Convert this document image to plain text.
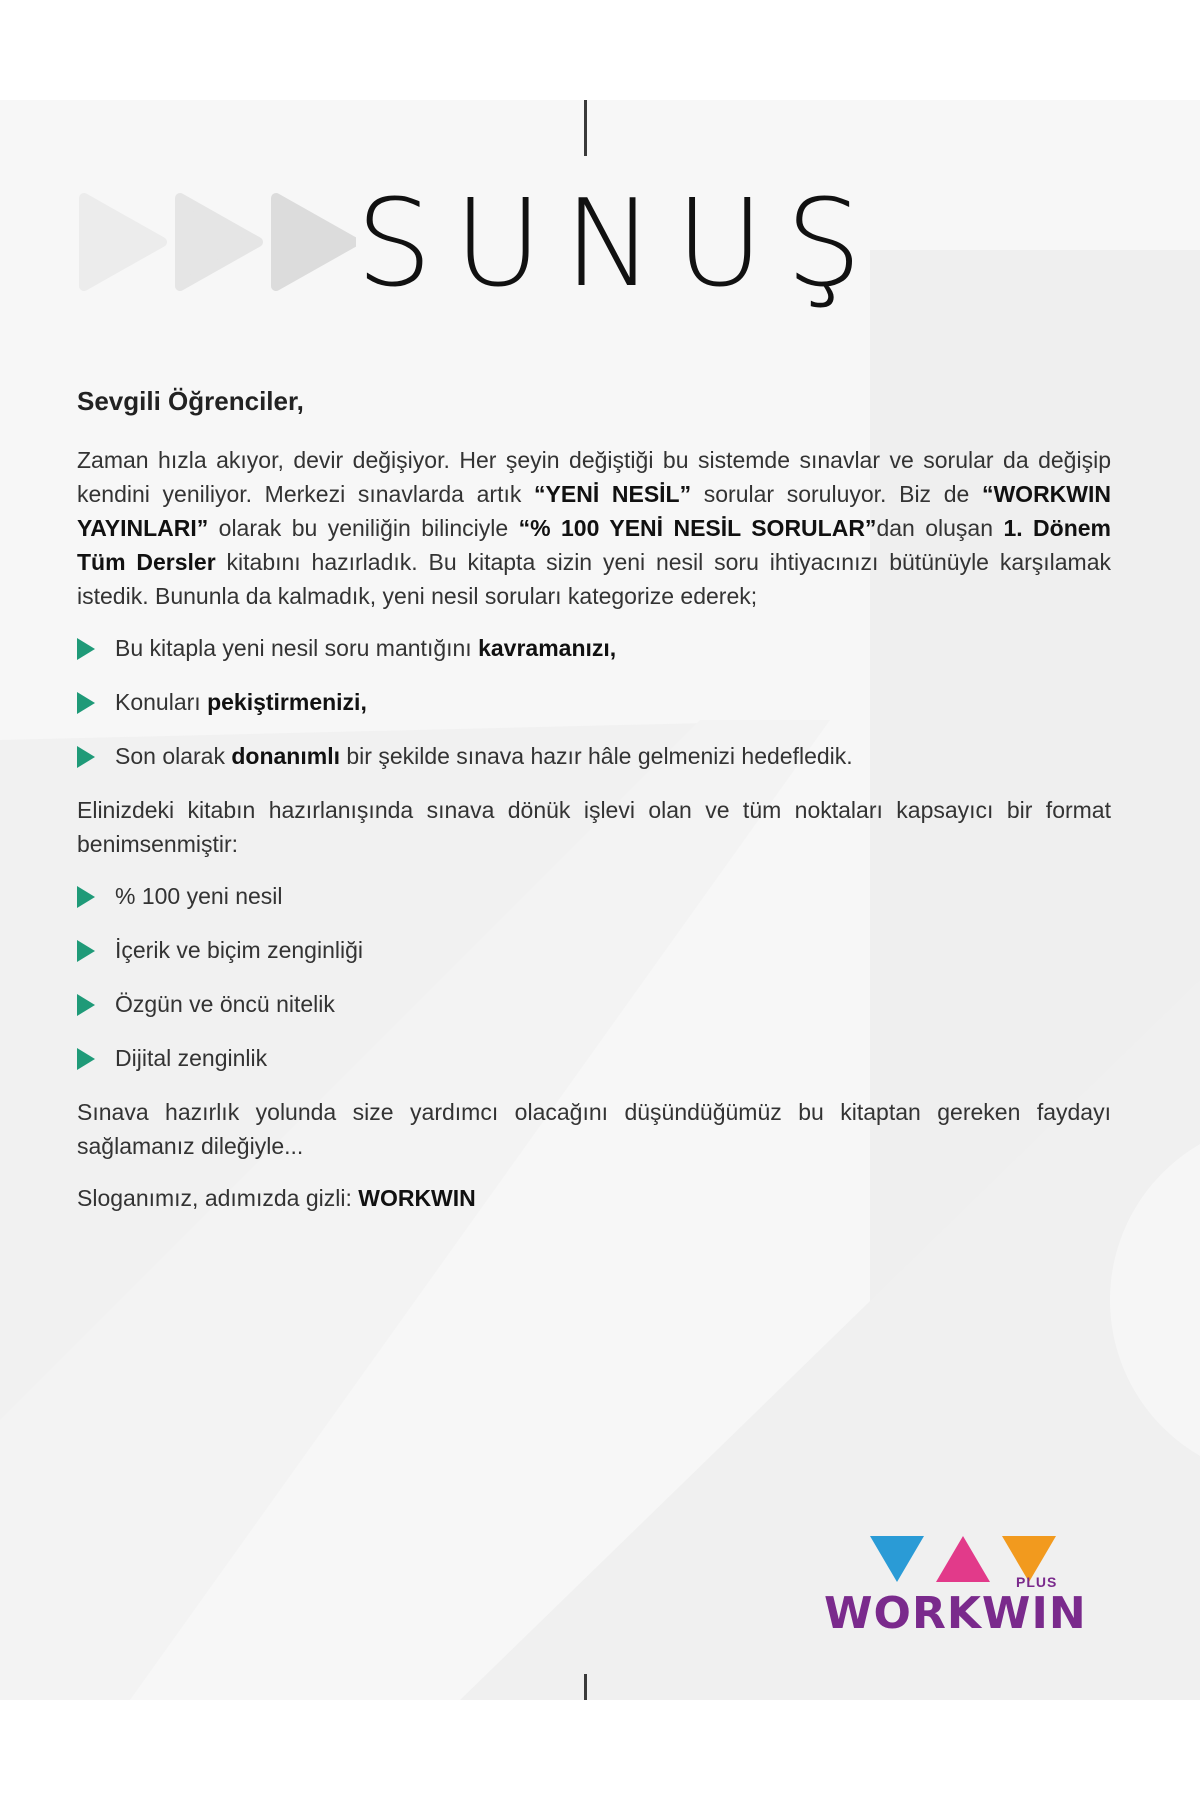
SUNUŞ
Sevgili Öğrenciler,

Zaman hızla akıyor, devir değişiyor. Her şeyin değiştiği bu sistemde sınavlar ve sorular da değişip kendini yeniliyor. Merkezi sınavlarda artık “YENİ NESİL” sorular soruluyor. Biz de “WORKWIN YAYINLARI” olarak bu yeniliğin bilinciyle “% 100 YENİ NESİL SORULAR”dan oluşan 1. Dönem Tüm Dersler kitabını hazırladık. Bu kitapta sizin yeni nesil soru ihtiyacınızı bütünüyle karşılamak istedik. Bununla da kalmadık, yeni nesil soruları kategorize ederek;

Bu kitapla yeni nesil soru mantığını kavramanızı,
Konuları pekiştirmenizi,
Son olarak donanımlı bir şekilde sınava hazır hâle gelmenizi hedefledik.

Elinizdeki kitabın hazırlanışında sınava dönük işlevi olan ve tüm noktaları kapsayıcı bir format benimsenmiştir:

% 100 yeni nesil
İçerik ve biçim zenginliği
Özgün ve öncü nitelik
Dijital zenginlik

Sınava hazırlık yolunda size yardımcı olacağını düşündüğümüz bu kitaptan gereken faydayı sağlamanız dileğiyle...

Sloganımız, adımızda gizli: WORKWIN

PLUS
WORKWIN
